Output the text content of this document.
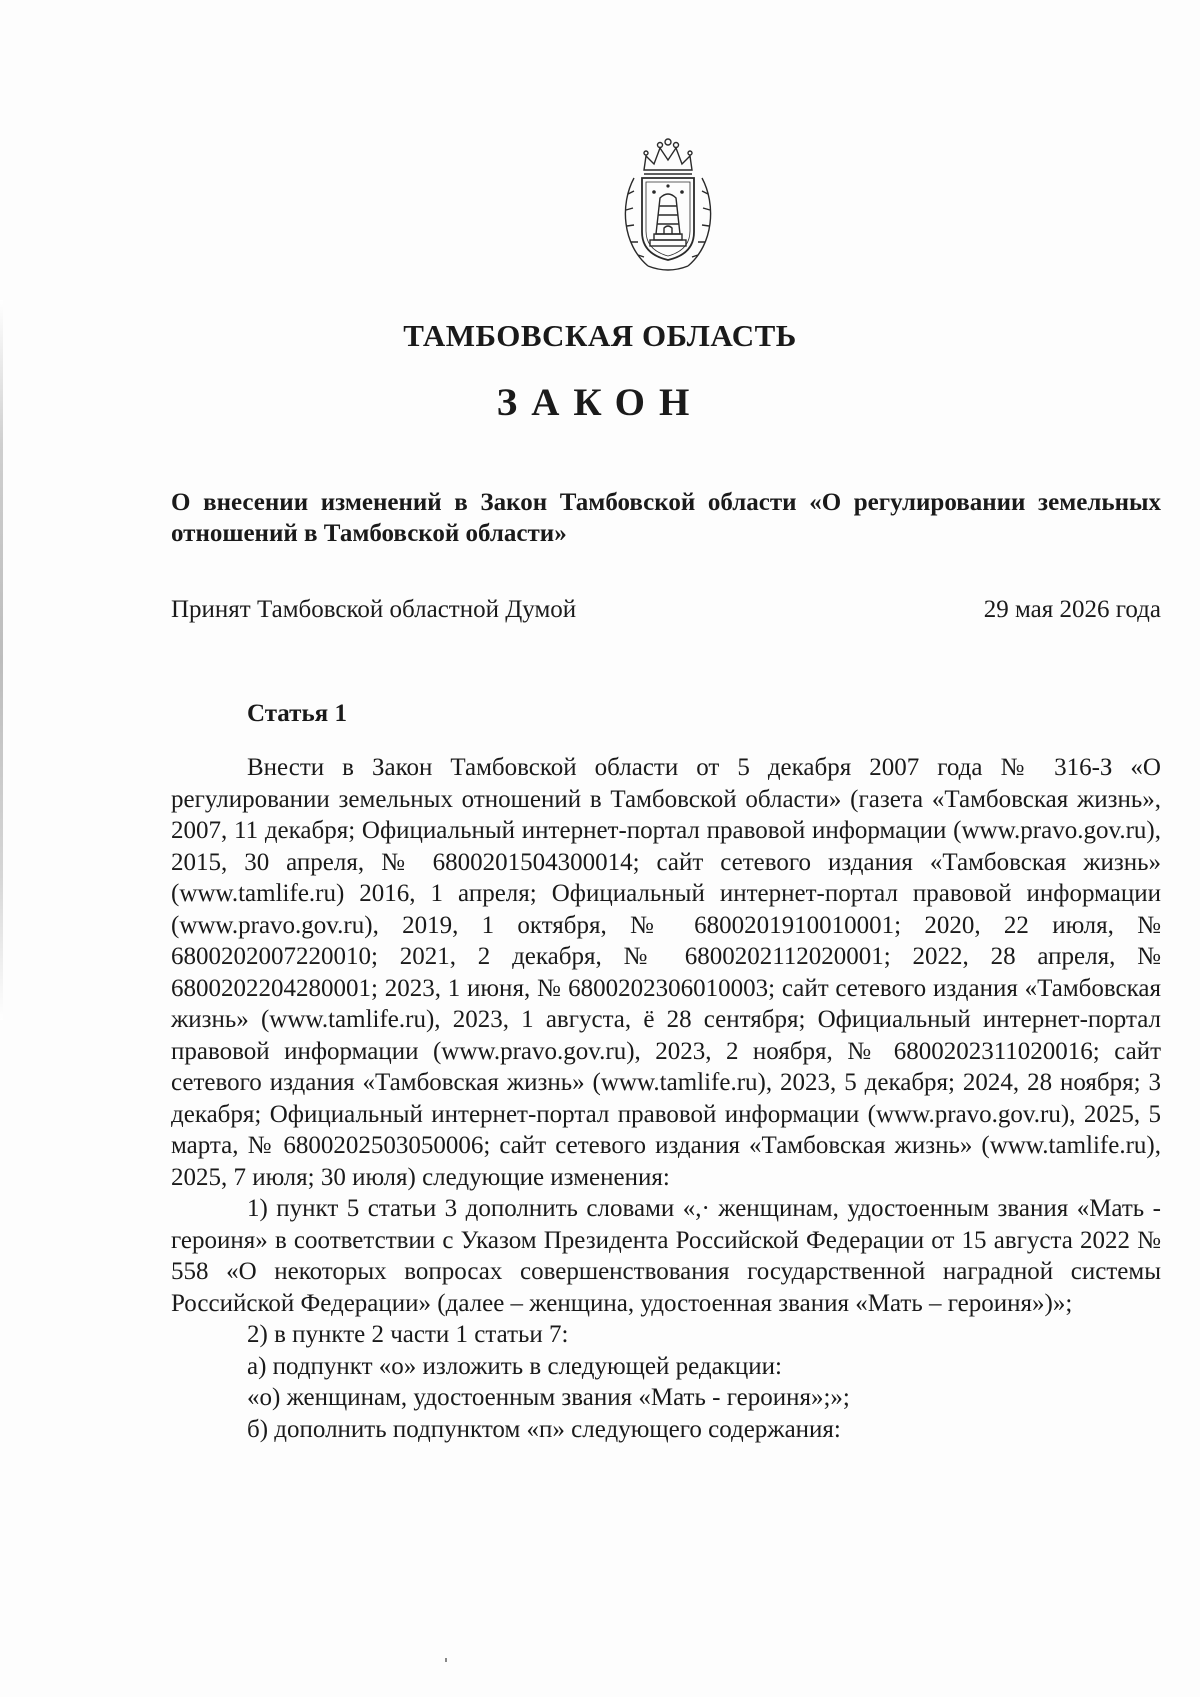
ТАМБОВСКАЯ ОБЛАСТЬ
ЗАКОН

О внесении изменений в Закон Тамбовской области «О регулировании земельных отношений в Тамбовской области»

Принят Тамбовской областной Думой	29 мая 2026 года
Статья 1

Внести в Закон Тамбовской области от 5 декабря 2007 года № 316-З «О регулировании земельных отношений в Тамбовской области» (газета «Тамбовская жизнь», 2007, 11 декабря; Официальный интернет-портал правовой информации (www.pravo.gov.ru), 2015, 30 апреля, № 6800201504300014; сайт сетевого издания «Тамбовская жизнь» (www.tamlife.ru) 2016, 1 апреля; Официальный интернет-портал правовой информации (www.pravo.gov.ru), 2019, 1 октября, № 6800201910010001; 2020, 22 июля, № 6800202007220010; 2021, 2 декабря, № 6800202112020001; 2022, 28 апреля, № 6800202204280001; 2023, 1 июня, № 6800202306010003; сайт сетевого издания «Тамбовская жизнь» (www.tamlife.ru), 2023, 1 августа, ё 28 сентября; Официальный интернет-портал правовой информации (www.pravo.gov.ru), 2023, 2 ноября, № 6800202311020016; сайт сетевого издания «Тамбовская жизнь» (www.tamlife.ru), 2023, 5 декабря; 2024, 28 ноября; 3 декабря; Официальный интернет-портал правовой информации (www.pravo.gov.ru), 2025, 5 марта, № 6800202503050006; сайт сетевого издания «Тамбовская жизнь» (www.tamlife.ru), 2025, 7 июля; 30 июля) следующие изменения:

1) пункт 5 статьи 3 дополнить словами «,· женщинам, удостоенным звания «Мать - героиня» в соответствии с Указом Президента Российской Федерации от 15 августа 2022 № 558 «О некоторых вопросах совершенствования государственной наградной системы Российской Федерации» (далее – женщина, удостоенная звания «Мать – героиня»)»;

2) в пункте 2 части 1 статьи 7:

а) подпункт «о» изложить в следующей редакции:

«о) женщинам, удостоенным звания «Мать - героиня»;»;

б) дополнить подпунктом «п» следующего содержания:
